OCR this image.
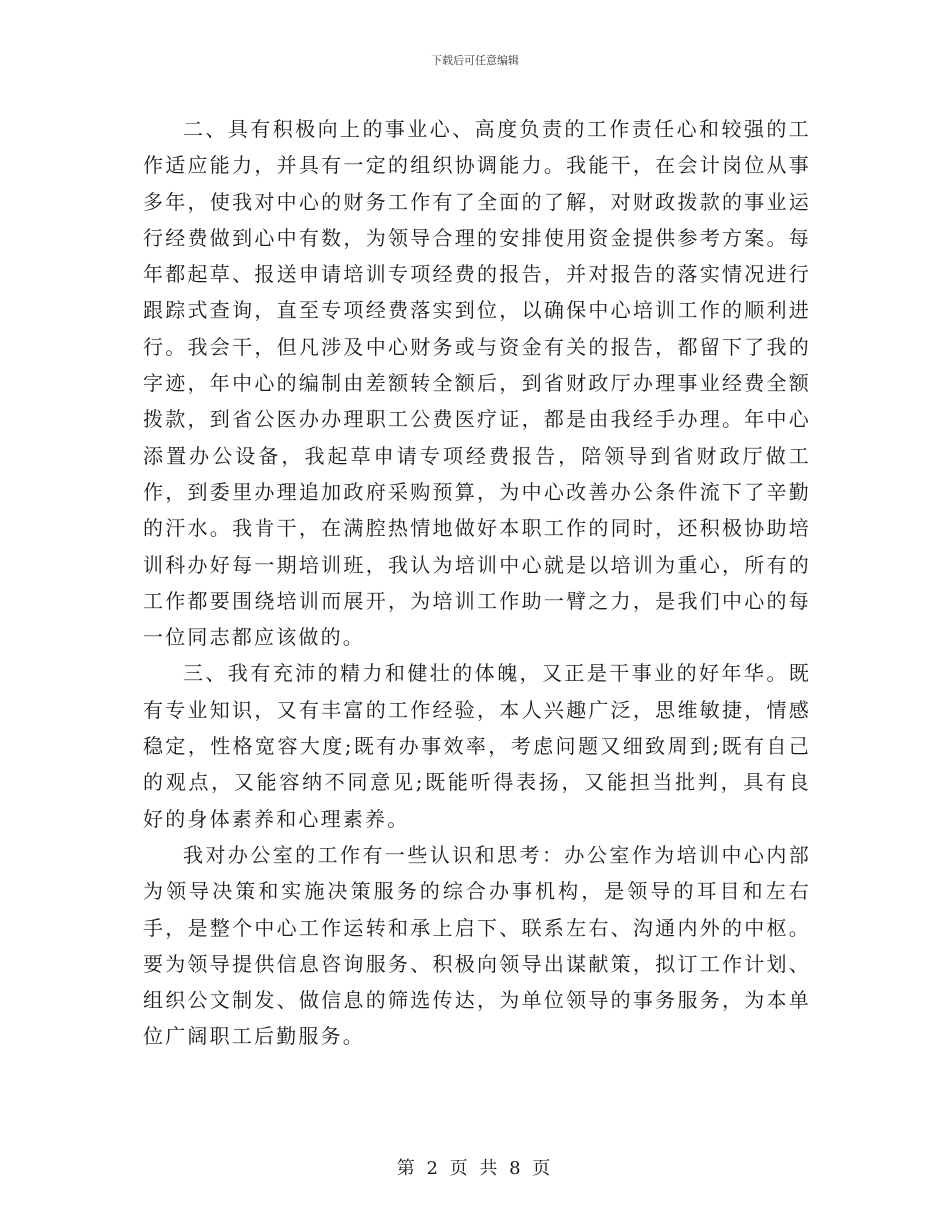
下载后可任意编辑

二、具有积极向上的事业心、高度负责的工作责任心和较强的工作适应能力，并具有一定的组织协调能力。我能干，在会计岗位从事多年，使我对中心的财务工作有了全面的了解，对财政拨款的事业运行经费做到心中有数，为领导合理的安排使用资金提供参考方案。每年都起草、报送申请培训专项经费的报告，并对报告的落实情况进行跟踪式查询，直至专项经费落实到位，以确保中心培训工作的顺利进行。我会干，但凡涉及中心财务或与资金有关的报告，都留下了我的字迹，年中心的编制由差额转全额后，到省财政厅办理事业经费全额拨款，到省公医办办理职工公费医疗证，都是由我经手办理。年中心添置办公设备，我起草申请专项经费报告，陪领导到省财政厅做工作，到委里办理追加政府采购预算，为中心改善办公条件流下了辛勤的汗水。我肯干，在满腔热情地做好本职工作的同时，还积极协助培训科办好每一期培训班，我认为培训中心就是以培训为重心，所有的工作都要围绕培训而展开，为培训工作助一臂之力，是我们中心的每一位同志都应该做的。

三、我有充沛的精力和健壮的体魄，又正是干事业的好年华。既有专业知识，又有丰富的工作经验，本人兴趣广泛，思维敏捷，情感稳定，性格宽容大度;既有办事效率，考虑问题又细致周到;既有自己的观点，又能容纳不同意见;既能听得表扬，又能担当批判，具有良好的身体素养和心理素养。

我对办公室的工作有一些认识和思考：办公室作为培训中心内部为领导决策和实施决策服务的综合办事机构，是领导的耳目和左右手，是整个中心工作运转和承上启下、联系左右、沟通内外的中枢。要为领导提供信息咨询服务、积极向领导出谋献策，拟订工作计划、组织公文制发、做信息的筛选传达，为单位领导的事务服务，为本单位广阔职工后勤服务。

第 2 页 共 8 页
